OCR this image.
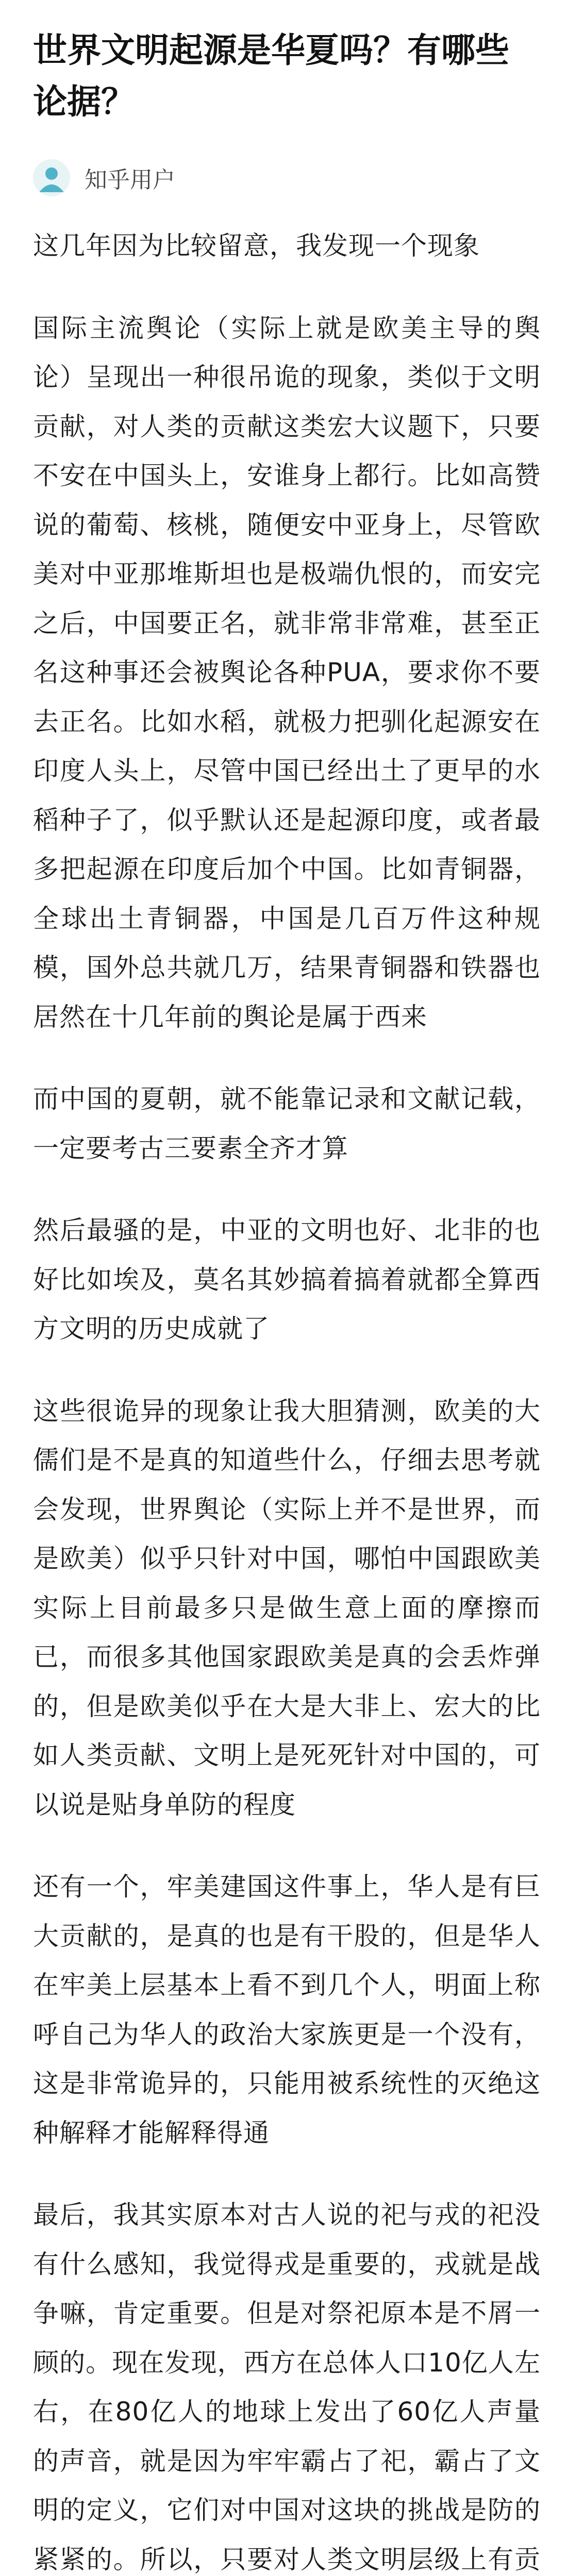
世界文明起源是华夏吗？有哪些论据？
知乎用户

这几年因为比较留意，我发现一个现象

国际主流舆论（实际上就是欧美主导的舆论）呈现出一种很吊诡的现象，类似于文明贡献，对人类的贡献这类宏大议题下，只要不安在中国头上，安谁身上都行。比如高赞说的葡萄、核桃，随便安中亚身上，尽管欧美对中亚那堆斯坦也是极端仇恨的，而安完之后，中国要正名，就非常非常难，甚至正名这种事还会被舆论各种PUA，要求你不要去正名。比如水稻，就极力把驯化起源安在印度人头上，尽管中国已经出土了更早的水稻种子了，似乎默认还是起源印度，或者最多把起源在印度后加个中国。比如青铜器，全球出土青铜器，中国是几百万件这种规模，国外总共就几万，结果青铜器和铁器也居然在十几年前的舆论是属于西来

而中国的夏朝，就不能靠记录和文献记载，一定要考古三要素全齐才算

然后最骚的是，中亚的文明也好、北非的也好比如埃及，莫名其妙搞着搞着就都全算西方文明的历史成就了

这些很诡异的现象让我大胆猜测，欧美的大儒们是不是真的知道些什么，仔细去思考就会发现，世界舆论（实际上并不是世界，而是欧美）似乎只针对中国，哪怕中国跟欧美实际上目前最多只是做生意上面的摩擦而已，而很多其他国家跟欧美是真的会丢炸弹的，但是欧美似乎在大是大非上、宏大的比如人类贡献、文明上是死死针对中国的，可以说是贴身单防的程度

还有一个，牢美建国这件事上，华人是有巨大贡献的，是真的也是有干股的，但是华人在牢美上层基本上看不到几个人，明面上称呼自己为华人的政治大家族更是一个没有，这是非常诡异的，只能用被系统性的灭绝这种解释才能解释得通

最后，我其实原本对古人说的祀与戎的祀没有什么感知，我觉得戎是重要的，戎就是战争嘛，肯定重要。但是对祭祀原本是不屑一顾的。现在发现，西方在总体人口10亿人左右，在80亿人的地球上发出了60亿人声量的声音，就是因为牢牢霸占了祀，霸占了文明的定义，它们对中国对这块的挑战是防的紧紧的。所以，只要对人类文明层级上有贡
